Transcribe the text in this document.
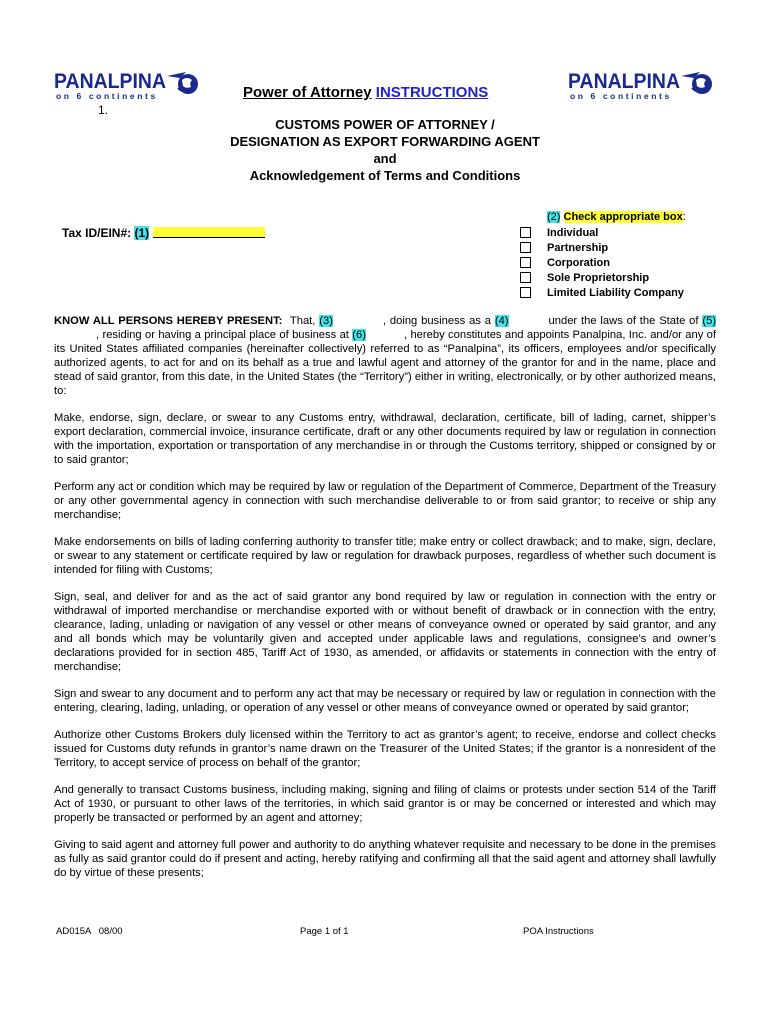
PANALPINA
on 6 continents
PANALPINA
on 6 continents
Power of Attorney INSTRUCTIONS
1.
CUSTOMS POWER OF ATTORNEY /
DESIGNATION AS EXPORT FORWARDING AGENT
and
Acknowledgement of Terms and Conditions
Tax ID/EIN#: (1)
(2) Check appropriate box:
Individual
Partnership
Corporation
Sole Proprietorship
Limited Liability Company

KNOW ALL PERSONS HEREBY PRESENT: That, (3)	, doing business as a (4)	under the laws of the State of (5), residing or having a principal place of business at (6)	, hereby constitutes and appoints Panalpina, Inc. and/or any of its United States affiliated companies (hereinafter collectively) referred to as “Panalpina”, its officers, employees and/or specifically authorized agents, to act for and on its behalf as a true and lawful agent and attorney of the grantor for and in the name, place and stead of said grantor, from this date, in the United States (the “Territory”) either in writing, electronically, or by other authorized means, to:

Make, endorse, sign, declare, or swear to any Customs entry, withdrawal, declaration, certificate, bill of lading, carnet, shipper’s export declaration, commercial invoice, insurance certificate, draft or any other documents required by law or regulation in connection with the importation, exportation or transportation of any merchandise in or through the Customs territory, shipped or consigned by or to said grantor;

Perform any act or condition which may be required by law or regulation of the Department of Commerce, Department of the Treasury or any other governmental agency in connection with such merchandise deliverable to or from said grantor; to receive or ship any merchandise;

Make endorsements on bills of lading conferring authority to transfer title; make entry or collect drawback; and to make, sign, declare, or swear to any statement or certificate required by law or regulation for drawback purposes, regardless of whether such document is intended for filing with Customs;

Sign, seal, and deliver for and as the act of said grantor any bond required by law or regulation in connection with the entry or withdrawal of imported merchandise or merchandise exported with or without benefit of drawback or in connection with the entry, clearance, lading, unlading or navigation of any vessel or other means of conveyance owned or operated by said grantor, and any and all bonds which may be voluntarily given and accepted under applicable laws and regulations, consignee’s and owner’s declarations provided for in section 485, Tariff Act of 1930, as amended, or affidavits or statements in connection with the entry of merchandise;

Sign and swear to any document and to perform any act that may be necessary or required by law or regulation in connection with the entering, clearing, lading, unlading, or operation of any vessel or other means of conveyance owned or operated by said grantor;

Authorize other Customs Brokers duly licensed within the Territory to act as grantor’s agent; to receive, endorse and collect checks issued for Customs duty refunds in grantor’s name drawn on the Treasurer of the United States; if the grantor is a nonresident of the Territory, to accept service of process on behalf of the grantor;

And generally to transact Customs business, including making, signing and filing of claims or protests under section 514 of the Tariff Act of 1930, or pursuant to other laws of the territories, in which said grantor is or may be concerned or interested and which may properly be transacted or performed by an agent and attorney;

Giving to said agent and attorney full power and authority to do anything whatever requisite and necessary to be done in the premises as fully as said grantor could do if present and acting, hereby ratifying and confirming all that the said agent and attorney shall lawfully do by virtue of these presents;

AD015A   08/00	Page 1 of 1	POA Instructions
